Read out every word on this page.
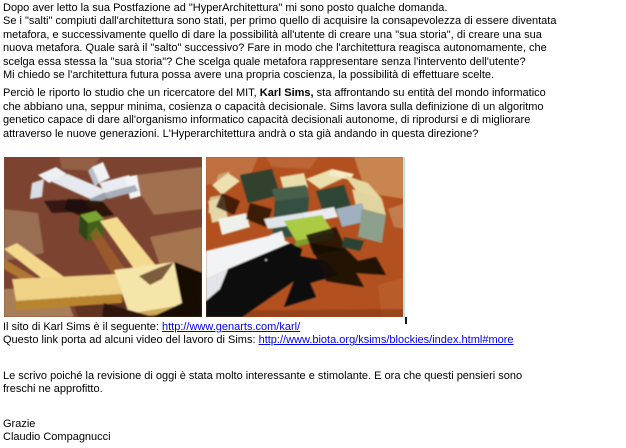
Dopo aver letto la sua Postfazione ad "HyperArchitettura" mi sono posto qualche domanda.
Se i "salti" compiuti dall'architettura sono stati, per primo quello di acquisire la consapevolezza di essere diventata
metafora, e successivamente quello di dare la possibilità all'utente di creare una "sua storia", di creare una sua
nuova metafora. Quale sarà il "salto" successivo? Fare in modo che l'architettura reagisca autonomamente, che
scelga essa stessa la "sua storia"? Che scelga quale metafora rappresentare senza l'intervento dell'utente?
Mi chiedo se l'architettura futura possa avere una propria coscienza, la possibilità di effettuare scelte.
Perciò le riporto lo studio che un ricercatore del MIT, Karl Sims, sta affrontando su entità del mondo informatico
che abbiano una, seppur minima, cosienza o capacità decisionale. Sims lavora sulla definizione di un algoritmo
genetico capace di dare all'organismo informatico capacità decisionali autonome, di riprodursi e di migliorare
attraverso le nuove generazioni. L'Hyperarchitettura andrà o sta già andando in questa direzione?
Il sito di Karl Sims è il seguente: http://www.genarts.com/karl/
Questo link porta ad alcuni video del lavoro di Sims: http://www.biota.org/ksims/blockies/index.html#more
Le scrivo poiché la revisione di oggi è stata molto interessante e stimolante. E ora che questi pensieri sono
freschi ne approfitto.
Grazie
Claudio Compagnucci
